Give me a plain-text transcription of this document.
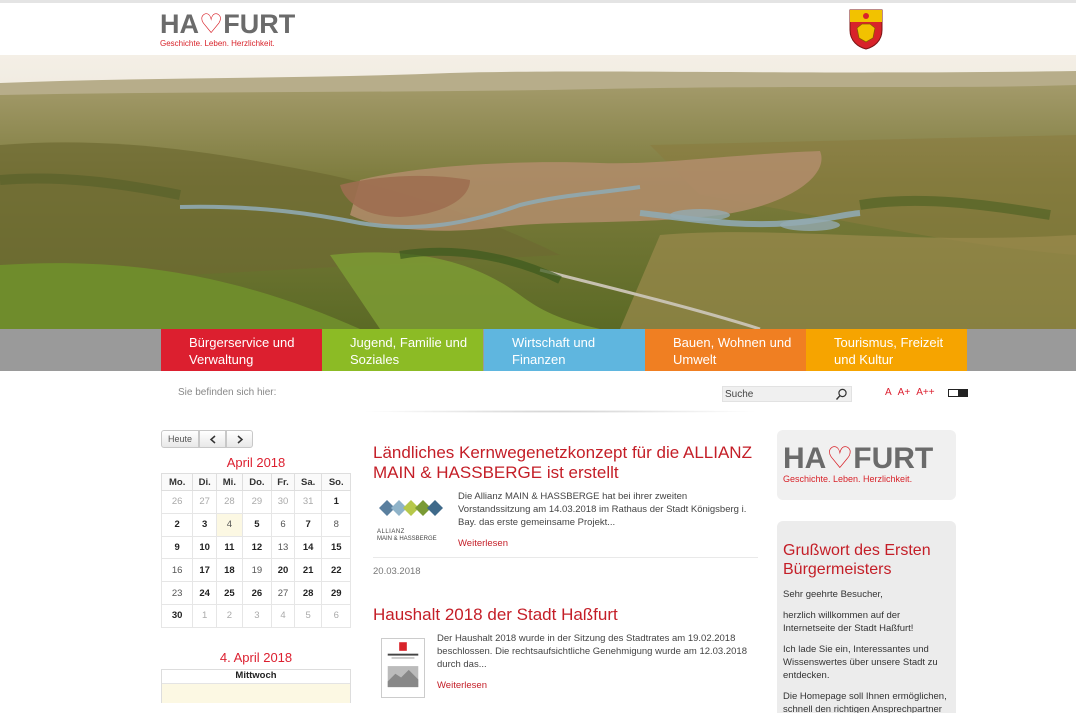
HA♡FURT
Geschichte. Leben. Herzlichkeit.
Bürgerservice und Verwaltung
Jugend, Familie und Soziales
Wirtschaft und Finanzen
Bauen, Wohnen und Umwelt
Tourismus, Freizeit und Kultur
Sie befinden sich hier:
Suche	A A+ A++
Heute
April 2018
Mo.	Di.	Mi.	Do.	Fr.	Sa.	So.
26	27	28	29	30	31	1
2	3	4	5	6	7	8
9	10	11	12	13	14	15
16	17	18	19	20	21	22
23	24	25	26	27	28	29
30	1	2	3	4	5	6
4. April 2018
Mittwoch
Ländliches Kernwegenetzkonzept für die ALLIANZ MAIN & HASSBERGE ist erstellt
ALLIANZ
MAIN & HASSBERGE
Die Allianz MAIN & HASSBERGE hat bei ihrer zweiten Vorstandssitzung am 14.03.2018 im Rathaus der Stadt Königsberg i. Bay. das erste gemeinsame Projekt...
Weiterlesen
20.03.2018
Haushalt 2018 der Stadt Haßfurt
Der Haushalt 2018 wurde in der Sitzung des Stadtrates am 19.02.2018 beschlossen. Die rechtsaufsichtliche Genehmigung wurde am 12.03.2018 durch das...
Weiterlesen
HA♡FURT
Geschichte. Leben. Herzlichkeit.
Grußwort des Ersten Bürgermeisters
Sehr geehrte Besucher,
herzlich willkommen auf der Internetseite der Stadt Haßfurt!
Ich lade Sie ein, Interessantes und Wissenswertes über unsere Stadt zu entdecken.
Die Homepage soll Ihnen ermöglichen, schnell den richtigen Ansprechpartner
